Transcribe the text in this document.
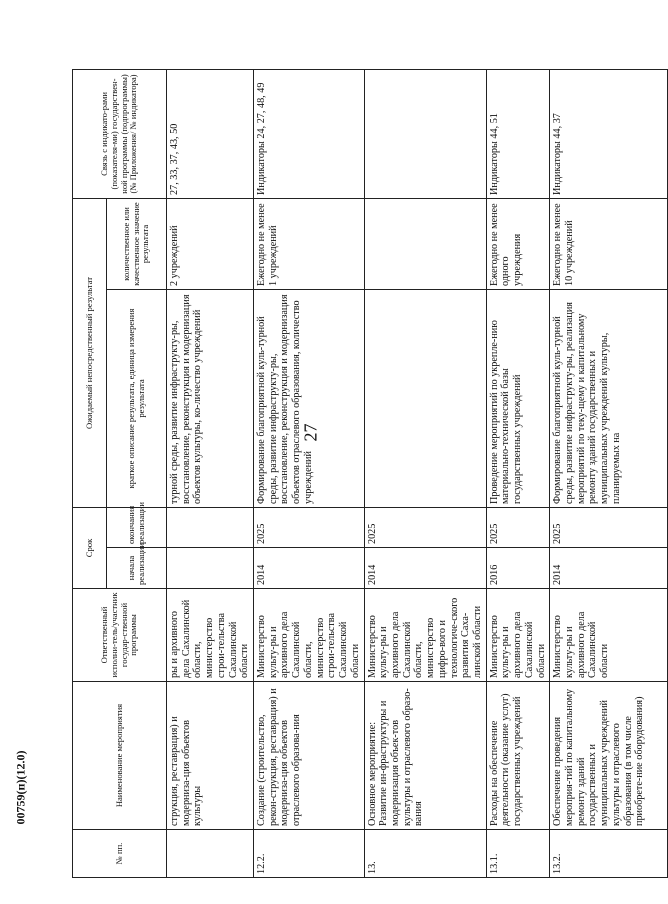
27
00759(п)(12.0)
№ пп.	Наименование мероприятия	Ответственный исполни-тель/участник государ-ственной программы	Срок		Ожидаемый непосредственный результат		Связь с индикато-рами (показателя-ми) государствен-ной программы (подпрограммы) (№ Приложения/ № индикатора)
			начала реализации	окончания реализации	краткое описание результата, единица измерения результата	количественное или качественное значение результата	
	струкция, реставрация) и модерниза-ция объектов культуры	ры и архивного дела Сахалинской области, министерство строи-тельства Сахалинской области			турной среды, развитие инфраструкту-ры, восстановление, реконструкция и модернизация объектов культуры, ко-личество учреждений	2 учреждений	27, 33, 37, 43, 50
12.2.	Создание (строительство, рекон-струкция, реставрация) и модерниза-ция объектов отраслевого образова-ния	Министерство культу-ры и архивного дела Сахалинской области, министерство строи-тельства Сахалинской области	2014	2025	Формирование благоприятной куль-турной среды, развитие инфраструкту-ры, восстановление, реконструкция и модернизация объектов отраслевого образования, количество учреждений	Ежегодно не менее 1 учреждений	Индикаторы 24, 27, 48, 49
13.	Основное мероприятие: Развитие ин-фраструктуры и модернизация объек-тов культуры и отраслевого образо-вания	Министерство культу-ры и архивного дела Сахалинской области, министерство цифро-вого и технологиче-ского развития Саха-линской области	2014	2025			
13.1.	Расходы на обеспечение деятельности (оказание услуг) государственных учреждений	Министерство культу-ры и архивного дела Сахалинской области	2016	2025	Проведение мероприятий по укрепле-нию материально-технической базы государственных учреждений	Ежегодно не менее одного учреждения	Индикаторы 44, 51
13.2.	Обеспечение проведения мероприя-тий по капитальному ремонту зданий государственных и муниципальных учреждений культуры и отраслевого образования (в том числе приобрете-ние оборудования)	Министерство культу-ры и архивного дела Сахалинской области	2014	2025	Формирование благоприятной куль-турной среды, развитие инфраструкту-ры, реализация мероприятий по теку-щему и капитальному ремонту зданий государственных и муниципальных учреждений культуры, планируемых на	Ежегодно не менее 10 учреждений	Индикаторы 44, 37
